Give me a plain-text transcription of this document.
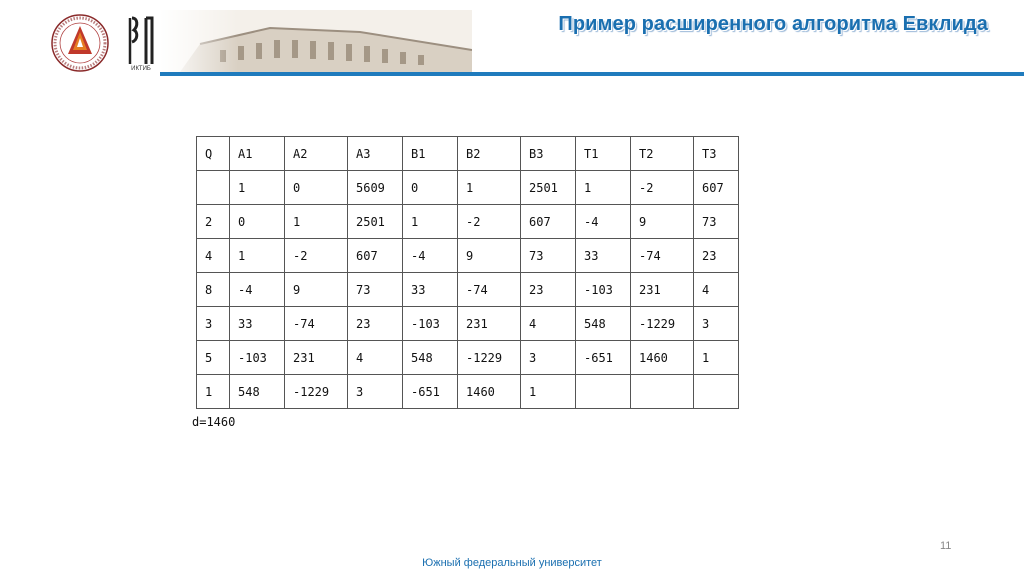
ИКТИБ
Пример расширенного алгоритма Евклида
Q	A1	A2	A3	B1	B2	B3	T1	T2	T3
	1	0	5609	0	1	2501	1	-2	607
2	0	1	2501	1	-2	607	-4	9	73
4	1	-2	607	-4	9	73	33	-74	23
8	-4	9	73	33	-74	23	-103	231	4
3	33	-74	23	-103	231	4	548	-1229	3
5	-103	231	4	548	-1229	3	-651	1460	1
1	548	-1229	3	-651	1460	1			
d=1460
11
Южный федеральный университет
